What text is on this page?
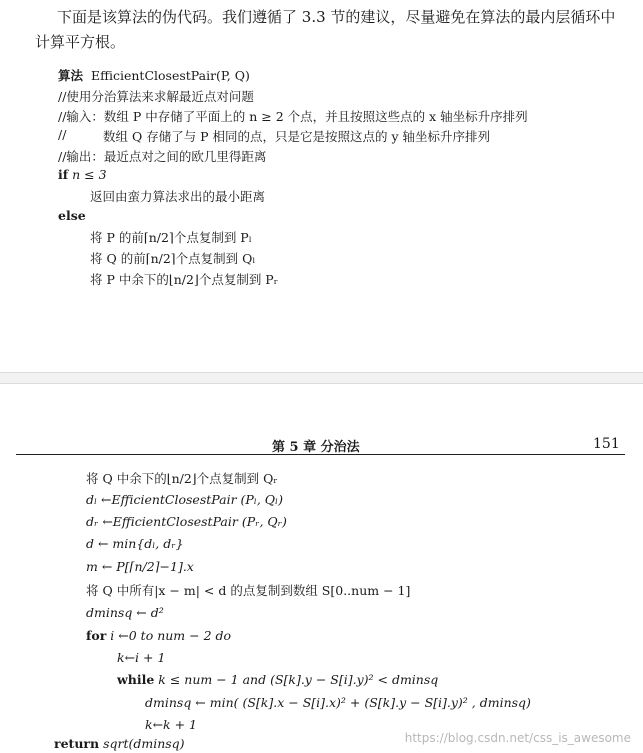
下面是该算法的伪代码。我们遵循了 3.3 节的建议，尽量避免在算法的最内层循环中
计算平方根。
算法 EfficientClosestPair(P, Q)
//使用分治算法来求解最近点对问题
//输入：数组 P 中存储了平面上的 n ≥ 2 个点，并且按照这些点的 x 轴坐标升序排列
//	数组 Q 存储了与 P 相同的点，只是它是按照这点的 y 轴坐标升序排列
//输出：最近点对之间的欧几里得距离
if n ≤ 3
返回由蛮力算法求出的最小距离
else
将 P 的前⌈n/2⌉个点复制到 Pₗ
将 Q 的前⌈n/2⌉个点复制到 Qₗ
将 P 中余下的⌊n/2⌋个点复制到 Pᵣ
第 5 章 分治法	151
将 Q 中余下的⌊n/2⌋个点复制到 Qᵣ
dₗ ←EfficientClosestPair (Pₗ, Qₗ)
dᵣ ←EfficientClosestPair (Pᵣ, Qᵣ)
d ← min{dₗ, dᵣ}
m ← P[⌈n/2⌉−1].x
将 Q 中所有|x − m| < d 的点复制到数组 S[0..num − 1]
dminsq ← d²
for i ←0 to num − 2 do
k←i + 1
while k ≤ num − 1 and (S[k].y − S[i].y)² < dminsq
dminsq ← min( (S[k].x − S[i].x)² + (S[k].y − S[i].y)² , dminsq)
k←k + 1
return sqrt(dminsq)	https://blog.csdn.net/css_is_awesome
